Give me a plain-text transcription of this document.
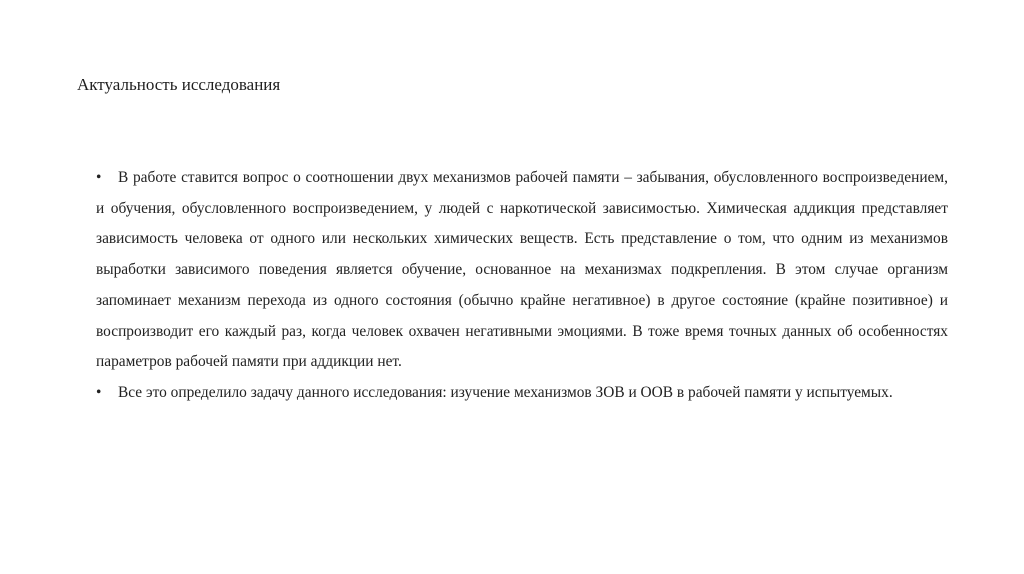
Актуальность исследования
• В работе ставится вопрос о соотношении двух механизмов рабочей памяти – забывания, обусловленного воспроизведением, и обучения, обусловленного воспроизведением, у людей с наркотической зависимостью. Химическая аддикция представляет зависимость человека от одного или нескольких химических веществ. Есть представление о том, что одним из механизмов выработки зависимого поведения является обучение, основанное на механизмах подкрепления. В этом случае организм запоминает механизм перехода из одного состояния (обычно крайне негативное) в другое состояние (крайне позитивное) и воспроизводит его каждый раз, когда человек охвачен негативными эмоциями. В тоже время точных данных об особенностях параметров рабочей памяти при аддикции нет.
• Все это определило задачу данного исследования: изучение механизмов ЗОВ и ООВ в рабочей памяти у испытуемых.
